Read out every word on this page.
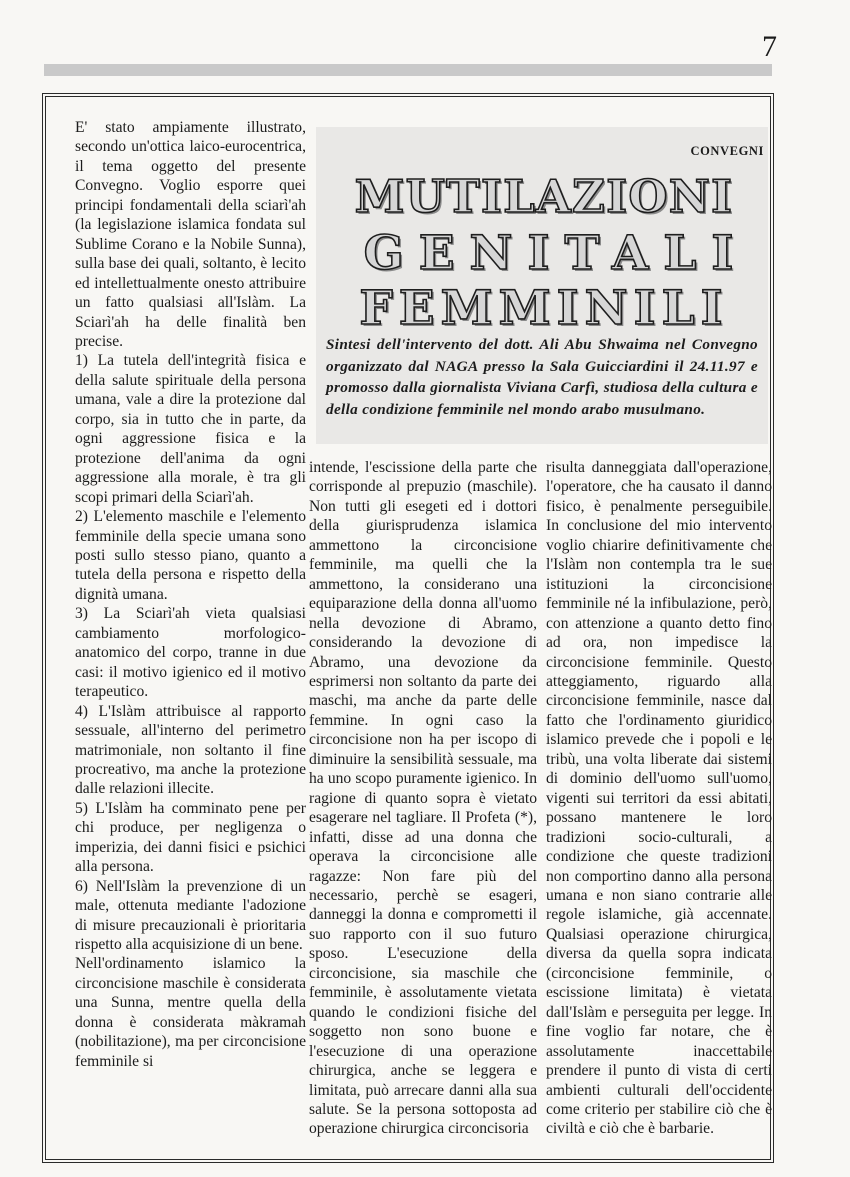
7
CONVEGNI
MUTILAZIONI
GENITALI
FEMMINILI
Sintesi dell'intervento del dott. Ali Abu Shwaima nel Convegno organizzato dal NAGA presso la Sala Guicciardini il 24.11.97 e promosso dalla giornalista Viviana Carfì, studiosa della cultura e della condizione femminile nel mondo arabo musulmano.

E' stato ampiamente illustrato, secondo un'ottica laico-eurocentrica, il tema oggetto del presente Convegno. Voglio esporre quei principi fondamentali della sciarì'ah (la legislazione islamica fondata sul Sublime Corano e la Nobile Sunna), sulla base dei quali, soltanto, è lecito ed intellettualmente onesto attribuire un fatto qualsiasi all'Islàm. La Sciarì'ah ha delle finalità ben precise.

1) La tutela dell'integrità fisica e della salute spirituale della persona umana, vale a dire la protezione dal corpo, sia in tutto che in parte, da ogni aggressione fisica e la protezione dell'anima da ogni aggressione alla morale, è tra gli scopi primari della Sciarì'ah.

2) L'elemento maschile e l'elemento femminile della specie umana sono posti sullo stesso piano, quanto a tutela della persona e rispetto della dignità umana.

3) La Sciarì'ah vieta qualsiasi cambiamento morfologico-anatomico del corpo, tranne in due casi: il motivo igienico ed il motivo terapeutico.

4) L'Islàm attribuisce al rapporto sessuale, all'interno del perimetro matrimoniale, non soltanto il fine procreativo, ma anche la protezione dalle relazioni illecite.

5) L'Islàm ha comminato pene per chi produce, per negligenza o imperizia, dei danni fisici e psichici alla persona.

6) Nell'Islàm la prevenzione di un male, ottenuta mediante l'adozione di misure precauzionali è prioritaria rispetto alla acquisizione di un bene.

Nell'ordinamento islamico la circoncisione maschile è considerata una Sunna, mentre quella della donna è considerata màkramah (nobilitazione), ma per circoncisione femminile si

intende, l'escissione della parte che corrisponde al prepuzio (maschile). Non tutti gli esegeti ed i dottori della giurisprudenza islamica ammettono la circoncisione femminile, ma quelli che la ammettono, la considerano una equiparazione della donna all'uomo nella devozione di Abramo, considerando la devozione di Abramo, una devozione da esprimersi non soltanto da parte dei maschi, ma anche da parte delle femmine. In ogni caso la circoncisione non ha per iscopo di diminuire la sensibilità sessuale, ma ha uno scopo puramente igienico. In ragione di quanto sopra è vietato esagerare nel tagliare. Il Profeta (*), infatti, disse ad una donna che operava la circoncisione alle ragazze: Non fare più del necessario, perchè se esageri, danneggi la donna e comprometti il suo rapporto con il suo futuro sposo. L'esecuzione della circoncisione, sia maschile che femminile, è assolutamente vietata quando le condizioni fisiche del soggetto non sono buone e l'esecuzione di una operazione chirurgica, anche se leggera e limitata, può arrecare danni alla sua salute. Se la persona sottoposta ad operazione chirurgica circoncisoria

risulta danneggiata dall'operazione, l'operatore, che ha causato il danno fisico, è penalmente perseguibile. In conclusione del mio intervento voglio chiarire definitivamente che l'Islàm non contempla tra le sue istituzioni la circoncisione femminile né la infibulazione, però, con attenzione a quanto detto fino ad ora, non impedisce la circoncisione femminile. Questo atteggiamento, riguardo alla circoncisione femminile, nasce dal fatto che l'ordinamento giuridico islamico prevede che i popoli e le tribù, una volta liberate dai sistemi di dominio dell'uomo sull'uomo, vigenti sui territori da essi abitati, possano mantenere le loro tradizioni socio-culturali, a condizione che queste tradizioni non comportino danno alla persona umana e non siano contrarie alle regole islamiche, già accennate. Qualsiasi operazione chirurgica, diversa da quella sopra indicata (circoncisione femminile, o escissione limitata) è vietata dall'Islàm e perseguita per legge. In fine voglio far notare, che è assolutamente inaccettabile prendere il punto di vista di certi ambienti culturali dell'occidente come criterio per stabilire ciò che è civiltà e ciò che è barbarie.
